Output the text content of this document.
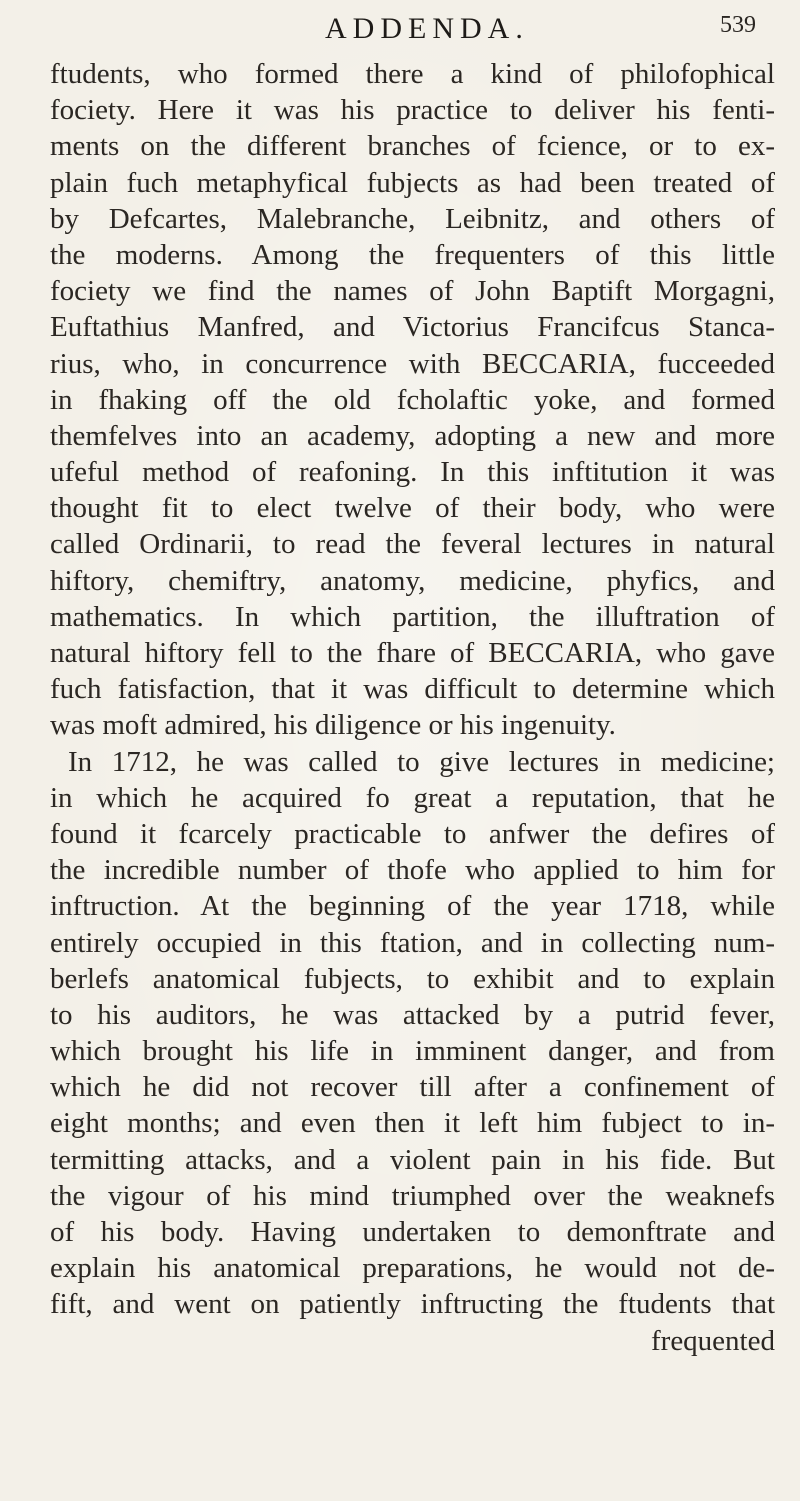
ADDENDA.	539
ftudents, who formed there a kind of philofophical
fociety. Here it was his practice to deliver his fenti-
ments on the different branches of fcience, or to ex-
plain fuch metaphyfical fubjects as had been treated of
by Defcartes, Malebranche, Leibnitz, and others of
the moderns. Among the frequenters of this little
fociety we find the names of John Baptift Morgagni,
Euftathius Manfred, and Victorius Francifcus Stanca-
rius, who, in concurrence with BECCARIA, fucceeded
in fhaking off the old fcholaftic yoke, and formed
themfelves into an academy, adopting a new and more
ufeful method of reafoning. In this inftitution it was
thought fit to elect twelve of their body, who were
called Ordinarii, to read the feveral lectures in natural
hiftory, chemiftry, anatomy, medicine, phyfics, and
mathematics. In which partition, the illuftration of
natural hiftory fell to the fhare of BECCARIA, who gave
fuch fatisfaction, that it was difficult to determine which
was moft admired, his diligence or his ingenuity.
In 1712, he was called to give lectures in medicine;
in which he acquired fo great a reputation, that he
found it fcarcely practicable to anfwer the defires of
the incredible number of thofe who applied to him for
inftruction. At the beginning of the year 1718, while
entirely occupied in this ftation, and in collecting num-
berlefs anatomical fubjects, to exhibit and to explain
to his auditors, he was attacked by a putrid fever,
which brought his life in imminent danger, and from
which he did not recover till after a confinement of
eight months; and even then it left him fubject to in-
termitting attacks, and a violent pain in his fide. But
the vigour of his mind triumphed over the weaknefs
of his body. Having undertaken to demonftrate and
explain his anatomical preparations, he would not de-
fift, and went on patiently inftructing the ftudents that
frequented
